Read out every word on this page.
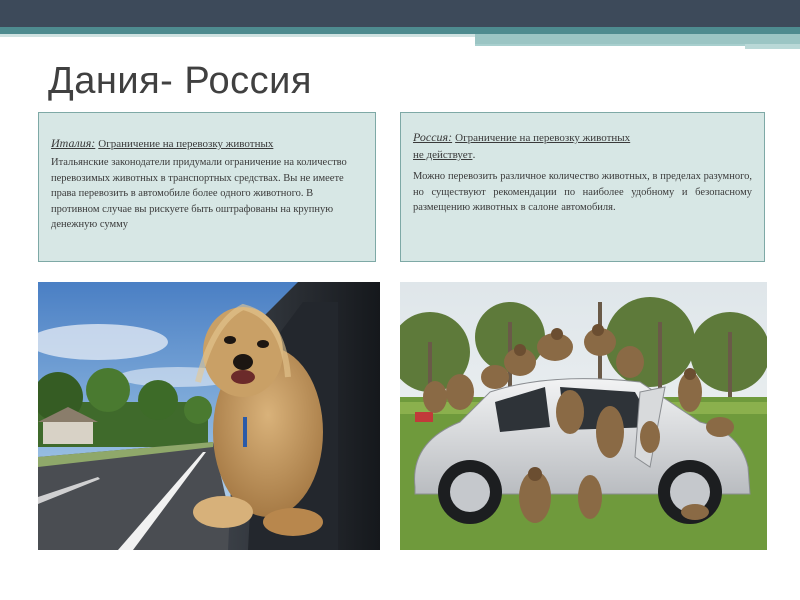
Дания- Россия
Италия: Ограничение на перевозку животных
Итальянские законодатели придумали ограничение на количество перевозимых животных в транспортных средствах. Вы не имеете права перевозить в автомобиле более одного животного. В противном случае вы рискуете быть оштрафованы на крупную денежную сумму
Россия: Ограничение на перевозку животных
не действует.
Можно перевозить различное количество животных, в пределах разумного, но существуют рекомендации по наиболее удобному и безопасному размещению животных в салоне автомобиля.
